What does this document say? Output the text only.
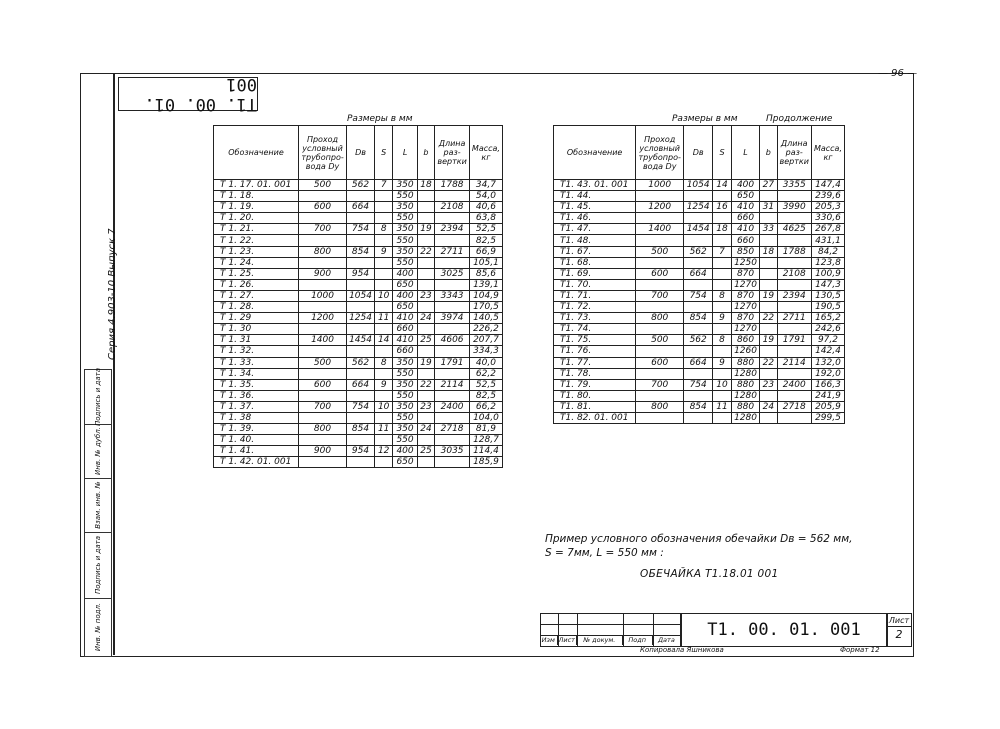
— 96 —
Т1. 00. 01. 001
Серия 4.903-10 Выпуск 7
Подпись и дата
Инв. № дубл.
Взам. инв. №
Подпись и дата
Инв. № подл.
Размеры в мм	Размеры в мм	Продолжение
Обозначение	Проход условный трубопро-вода Dу	Dв	S	L	b	Длина раз-вертки	Масса, кг
Т 1. 17. 01. 001	500	562	7	350	18	1788	34,7
Т 1. 18.				550			54,0
Т 1. 19.	600	664		350		2108	40,6
Т 1. 20.				550			63,8
Т 1. 21.	700	754	8	350	19	2394	52,5
Т 1. 22.				550			82,5
Т 1. 23.	800	854	9	350	22	2711	66,9
Т 1. 24.				550			105,1
Т 1. 25.	900	954		400		3025	85,6
Т 1. 26.				650			139,1
Т 1. 27.	1000	1054	10	400	23	3343	104,9
Т 1. 28.				650			170,5
Т 1. 29	1200	1254	11	410	24	3974	140,5
Т 1. 30				660			226,2
Т 1. 31	1400	1454	14	410	25	4606	207,7
Т 1. 32.				660			334,3
Т 1. 33.	500	562	8	350	19	1791	40,0
Т 1. 34.				550			62,2
Т 1. 35.	600	664	9	350	22	2114	52,5
Т 1. 36.				550			82,5
Т 1. 37.	700	754	10	350	23	2400	66,2
Т 1. 38				550			104,0
Т 1. 39.	800	854	11	350	24	2718	81,9
Т 1. 40.				550			128,7
Т 1. 41.	900	954	12	400	25	3035	114,4
Т 1. 42. 01. 001				650			185,9
Обозначение	Проход условный трубопро-вода Dу	Dв	S	L	b	Длина раз-вертки	Масса, кг
Т1. 43. 01. 001	1000	1054	14	400	27	3355	147,4
Т1. 44.				650			239,6
Т1. 45.	1200	1254	16	410	31	3990	205,3
Т1. 46.				660			330,6
Т1. 47.	1400	1454	18	410	33	4625	267,8
Т1. 48.				660			431,1
Т1. 67.	500	562	7	850	18	1788	84,2
Т1. 68.				1250			123,8
Т1. 69.	600	664		870		2108	100,9
Т1. 70.				1270			147,3
Т1. 71.	700	754	8	870	19	2394	130,5
Т1. 72.				1270			190,5
Т1. 73.	800	854	9	870	22	2711	165,2
Т1. 74.				1270			242,6
Т1. 75.	500	562	8	860	19	1791	97,2
Т1. 76.				1260			142,4
Т1. 77.	600	664	9	880	22	2114	132,0
Т1. 78.				1280			192,0
Т1. 79.	700	754	10	880	23	2400	166,3
Т1. 80.				1280			241,9
Т1. 81.	800	854	11	880	24	2718	205,9
Т1. 82. 01. 001				1280			299,5
Пример условного обозначения обечайки Dв = 562 мм,
S = 7мм, L = 550 мм :
ОБЕЧАЙКА Т1.18.01 001
Изм Лист	№ докум.	Подп	Дата	Т1. 00. 01. 001	Лист
2
Копировала Яшникова	Формат 12
